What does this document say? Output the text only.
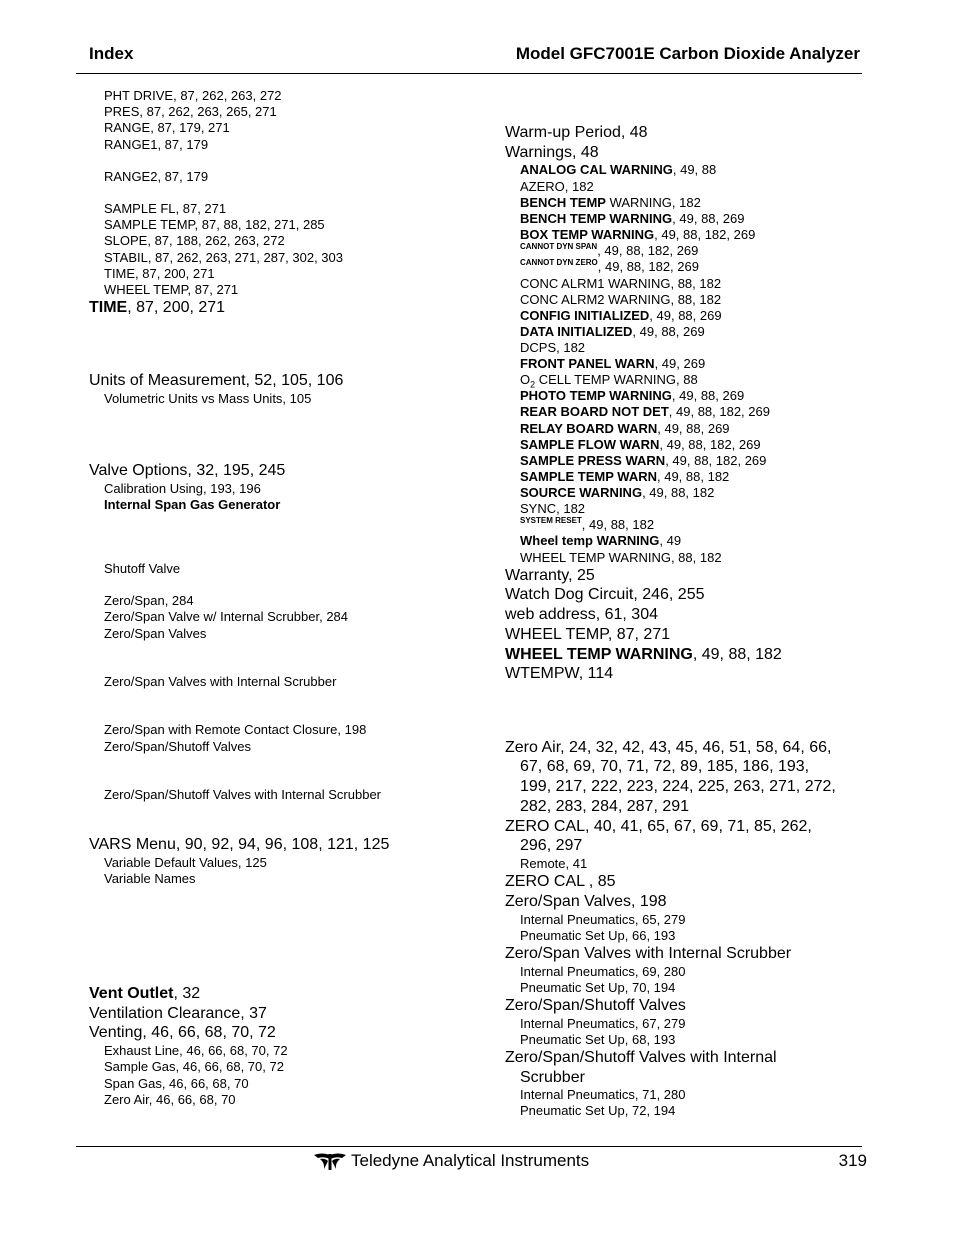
Index	Model GFC7001E Carbon Dioxide Analyzer
PHT DRIVE, 87, 262, 263, 272
PRES, 87, 262, 263, 265, 271
RANGE, 87, 179, 271
RANGE1, 87, 179
RANGE2, 87, 179
SAMPLE FL, 87, 271
SAMPLE TEMP, 87, 88, 182, 271, 285
SLOPE, 87, 188, 262, 263, 272
STABIL, 87, 262, 263, 271, 287, 302, 303
TIME, 87, 200, 271
WHEEL TEMP, 87, 271
TIME, 87, 200, 271
Units of Measurement, 52, 105, 106
Volumetric Units vs Mass Units, 105
Valve Options, 32, 195, 245
Calibration Using, 193, 196
Internal Span Gas Generator
Shutoff Valve
Zero/Span, 284
Zero/Span Valve w/ Internal Scrubber, 284
Zero/Span Valves
Zero/Span Valves with Internal Scrubber
Zero/Span with Remote Contact Closure, 198
Zero/Span/Shutoff Valves
Zero/Span/Shutoff Valves with Internal Scrubber
VARS Menu, 90, 92, 94, 96, 108, 121, 125
Variable Default Values, 125
Variable Names
Vent Outlet, 32
Ventilation Clearance, 37
Venting, 46, 66, 68, 70, 72
Exhaust Line, 46, 66, 68, 70, 72
Sample Gas, 46, 66, 68, 70, 72
Span Gas, 46, 66, 68, 70
Zero Air, 46, 66, 68, 70
Warm-up Period, 48
Warnings, 48
ANALOG CAL WARNING, 49, 88
AZERO, 182
BENCH TEMP WARNING, 182
BENCH TEMP WARNING, 49, 88, 269
BOX TEMP WARNING, 49, 88, 182, 269
$^{CANNOT DYN SPAN}$, 49, 88, 182, 269
$^{CANNOT DYN ZERO}$, 49, 88, 182, 269
CONC ALRM1 WARNING, 88, 182
CONC ALRM2 WARNING, 88, 182
CONFIG INITIALIZED, 49, 88, 269
DATA INITIALIZED, 49, 88, 269
DCPS, 182
FRONT PANEL WARN, 49, 269
$O_2$ CELL TEMP WARNING, 88
PHOTO TEMP WARNING, 49, 88, 269
REAR BOARD NOT DET, 49, 88, 182, 269
RELAY BOARD WARN, 49, 88, 269
SAMPLE FLOW WARN, 49, 88, 182, 269
SAMPLE PRESS WARN, 49, 88, 182, 269
SAMPLE TEMP WARN, 49, 88, 182
SOURCE WARNING, 49, 88, 182
SYNC, 182
$^{SYSTEM RESET}$, 49, 88, 182
Wheel temp WARNING, 49
WHEEL TEMP WARNING, 88, 182
Warranty, 25
Watch Dog Circuit, 246, 255
web address, 61, 304
WHEEL TEMP, 87, 271
WHEEL TEMP WARNING, 49, 88, 182
WTEMPW, 114
Zero Air, 24, 32, 42, 43, 45, 46, 51, 58, 64, 66,
67, 68, 69, 70, 71, 72, 89, 185, 186, 193,
199, 217, 222, 223, 224, 225, 263, 271, 272,
282, 283, 284, 287, 291
ZERO CAL, 40, 41, 65, 67, 69, 71, 85, 262,
296, 297
Remote, 41
ZERO CAL , 85
Zero/Span Valves, 198
Internal Pneumatics, 65, 279
Pneumatic Set Up, 66, 193
Zero/Span Valves with Internal Scrubber
Internal Pneumatics, 69, 280
Pneumatic Set Up, 70, 194
Zero/Span/Shutoff Valves
Internal Pneumatics, 67, 279
Pneumatic Set Up, 68, 193
Zero/Span/Shutoff Valves with Internal
Scrubber
Internal Pneumatics, 71, 280
Pneumatic Set Up, 72, 194
Teledyne Analytical Instruments	319
